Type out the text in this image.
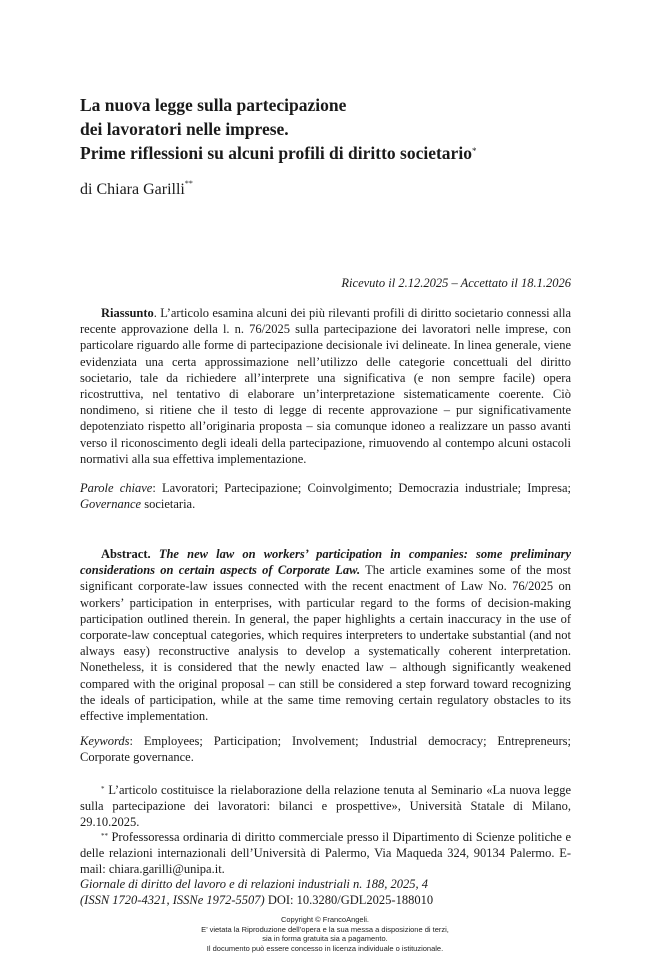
La nuova legge sulla partecipazione
dei lavoratori nelle imprese.
Prime riflessioni su alcuni profili di diritto societario*
di Chiara Garilli**
Ricevuto il 2.12.2025 – Accettato il 18.1.2026
Riassunto. L’articolo esamina alcuni dei più rilevanti profili di diritto societario connessi alla recente approvazione della l. n. 76/2025 sulla partecipazione dei lavoratori nelle imprese, con particolare riguardo alle forme di partecipazione decisionale ivi delineate. In linea generale, viene evidenziata una certa approssimazione nell’utilizzo delle categorie concettuali del diritto societario, tale da richiedere all’interprete una significativa (e non sempre facile) opera ricostruttiva, nel tentativo di elaborare un’interpretazione sistematicamente coerente. Ciò nondimeno, si ritiene che il testo di legge di recente approvazione – pur significativamente depotenziato rispetto all’originaria proposta – sia comunque idoneo a realizzare un passo avanti verso il riconoscimento degli ideali della partecipazione, rimuovendo al contempo alcuni ostacoli normativi alla sua effettiva implementazione.
Parole chiave: Lavoratori; Partecipazione; Coinvolgimento; Democrazia industriale; Impresa; Governance societaria.
Abstract. The new law on workers’ participation in companies: some preliminary considerations on certain aspects of Corporate Law. The article examines some of the most significant corporate-law issues connected with the recent enactment of Law No. 76/2025 on workers’ participation in enterprises, with particular regard to the forms of decision-making participation outlined therein. In general, the paper highlights a certain inaccuracy in the use of corporate-law conceptual categories, which requires interpreters to undertake substantial (and not always easy) reconstructive analysis to develop a systematically coherent interpretation. Nonetheless, it is considered that the newly enacted law – although significantly weakened compared with the original proposal – can still be considered a step forward toward recognizing the ideals of participation, while at the same time removing certain regulatory obstacles to its effective implementation.
Keywords: Employees; Participation; Involvement; Industrial democracy; Entrepreneurs; Corporate governance.
* L’articolo costituisce la rielaborazione della relazione tenuta al Seminario «La nuova legge sulla partecipazione dei lavoratori: bilanci e prospettive», Università Statale di Milano, 29.10.2025.
** Professoressa ordinaria di diritto commerciale presso il Dipartimento di Scienze politiche e delle relazioni internazionali dell’Università di Palermo, Via Maqueda 324, 90134 Palermo. E-mail: chiara.garilli@unipa.it.
Giornale di diritto del lavoro e di relazioni industriali n. 188, 2025, 4
(ISSN 1720-4321, ISSNe 1972-5507) DOI: 10.3280/GDL2025-188010
Copyright © FrancoAngeli.
E’ vietata la Riproduzione dell’opera e la sua messa a disposizione di terzi,
sia in forma gratuita sia a pagamento.
Il documento può essere concesso in licenza individuale o istituzionale.
